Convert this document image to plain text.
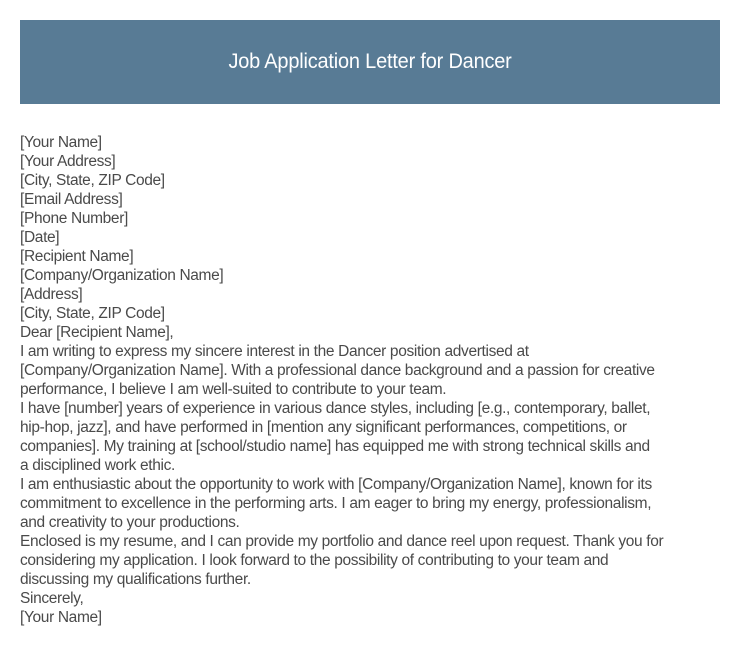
Job Application Letter for Dancer
[Your Name]
[Your Address]
[City, State, ZIP Code]
[Email Address]
[Phone Number]
[Date]
[Recipient Name]
[Company/Organization Name]
[Address]
[City, State, ZIP Code]
Dear [Recipient Name],
I am writing to express my sincere interest in the Dancer position advertised at
[Company/Organization Name]. With a professional dance background and a passion for creative
performance, I believe I am well-suited to contribute to your team.
I have [number] years of experience in various dance styles, including [e.g., contemporary, ballet,
hip-hop, jazz], and have performed in [mention any significant performances, competitions, or
companies]. My training at [school/studio name] has equipped me with strong technical skills and
a disciplined work ethic.
I am enthusiastic about the opportunity to work with [Company/Organization Name], known for its
commitment to excellence in the performing arts. I am eager to bring my energy, professionalism,
and creativity to your productions.
Enclosed is my resume, and I can provide my portfolio and dance reel upon request. Thank you for
considering my application. I look forward to the possibility of contributing to your team and
discussing my qualifications further.
Sincerely,
[Your Name]
